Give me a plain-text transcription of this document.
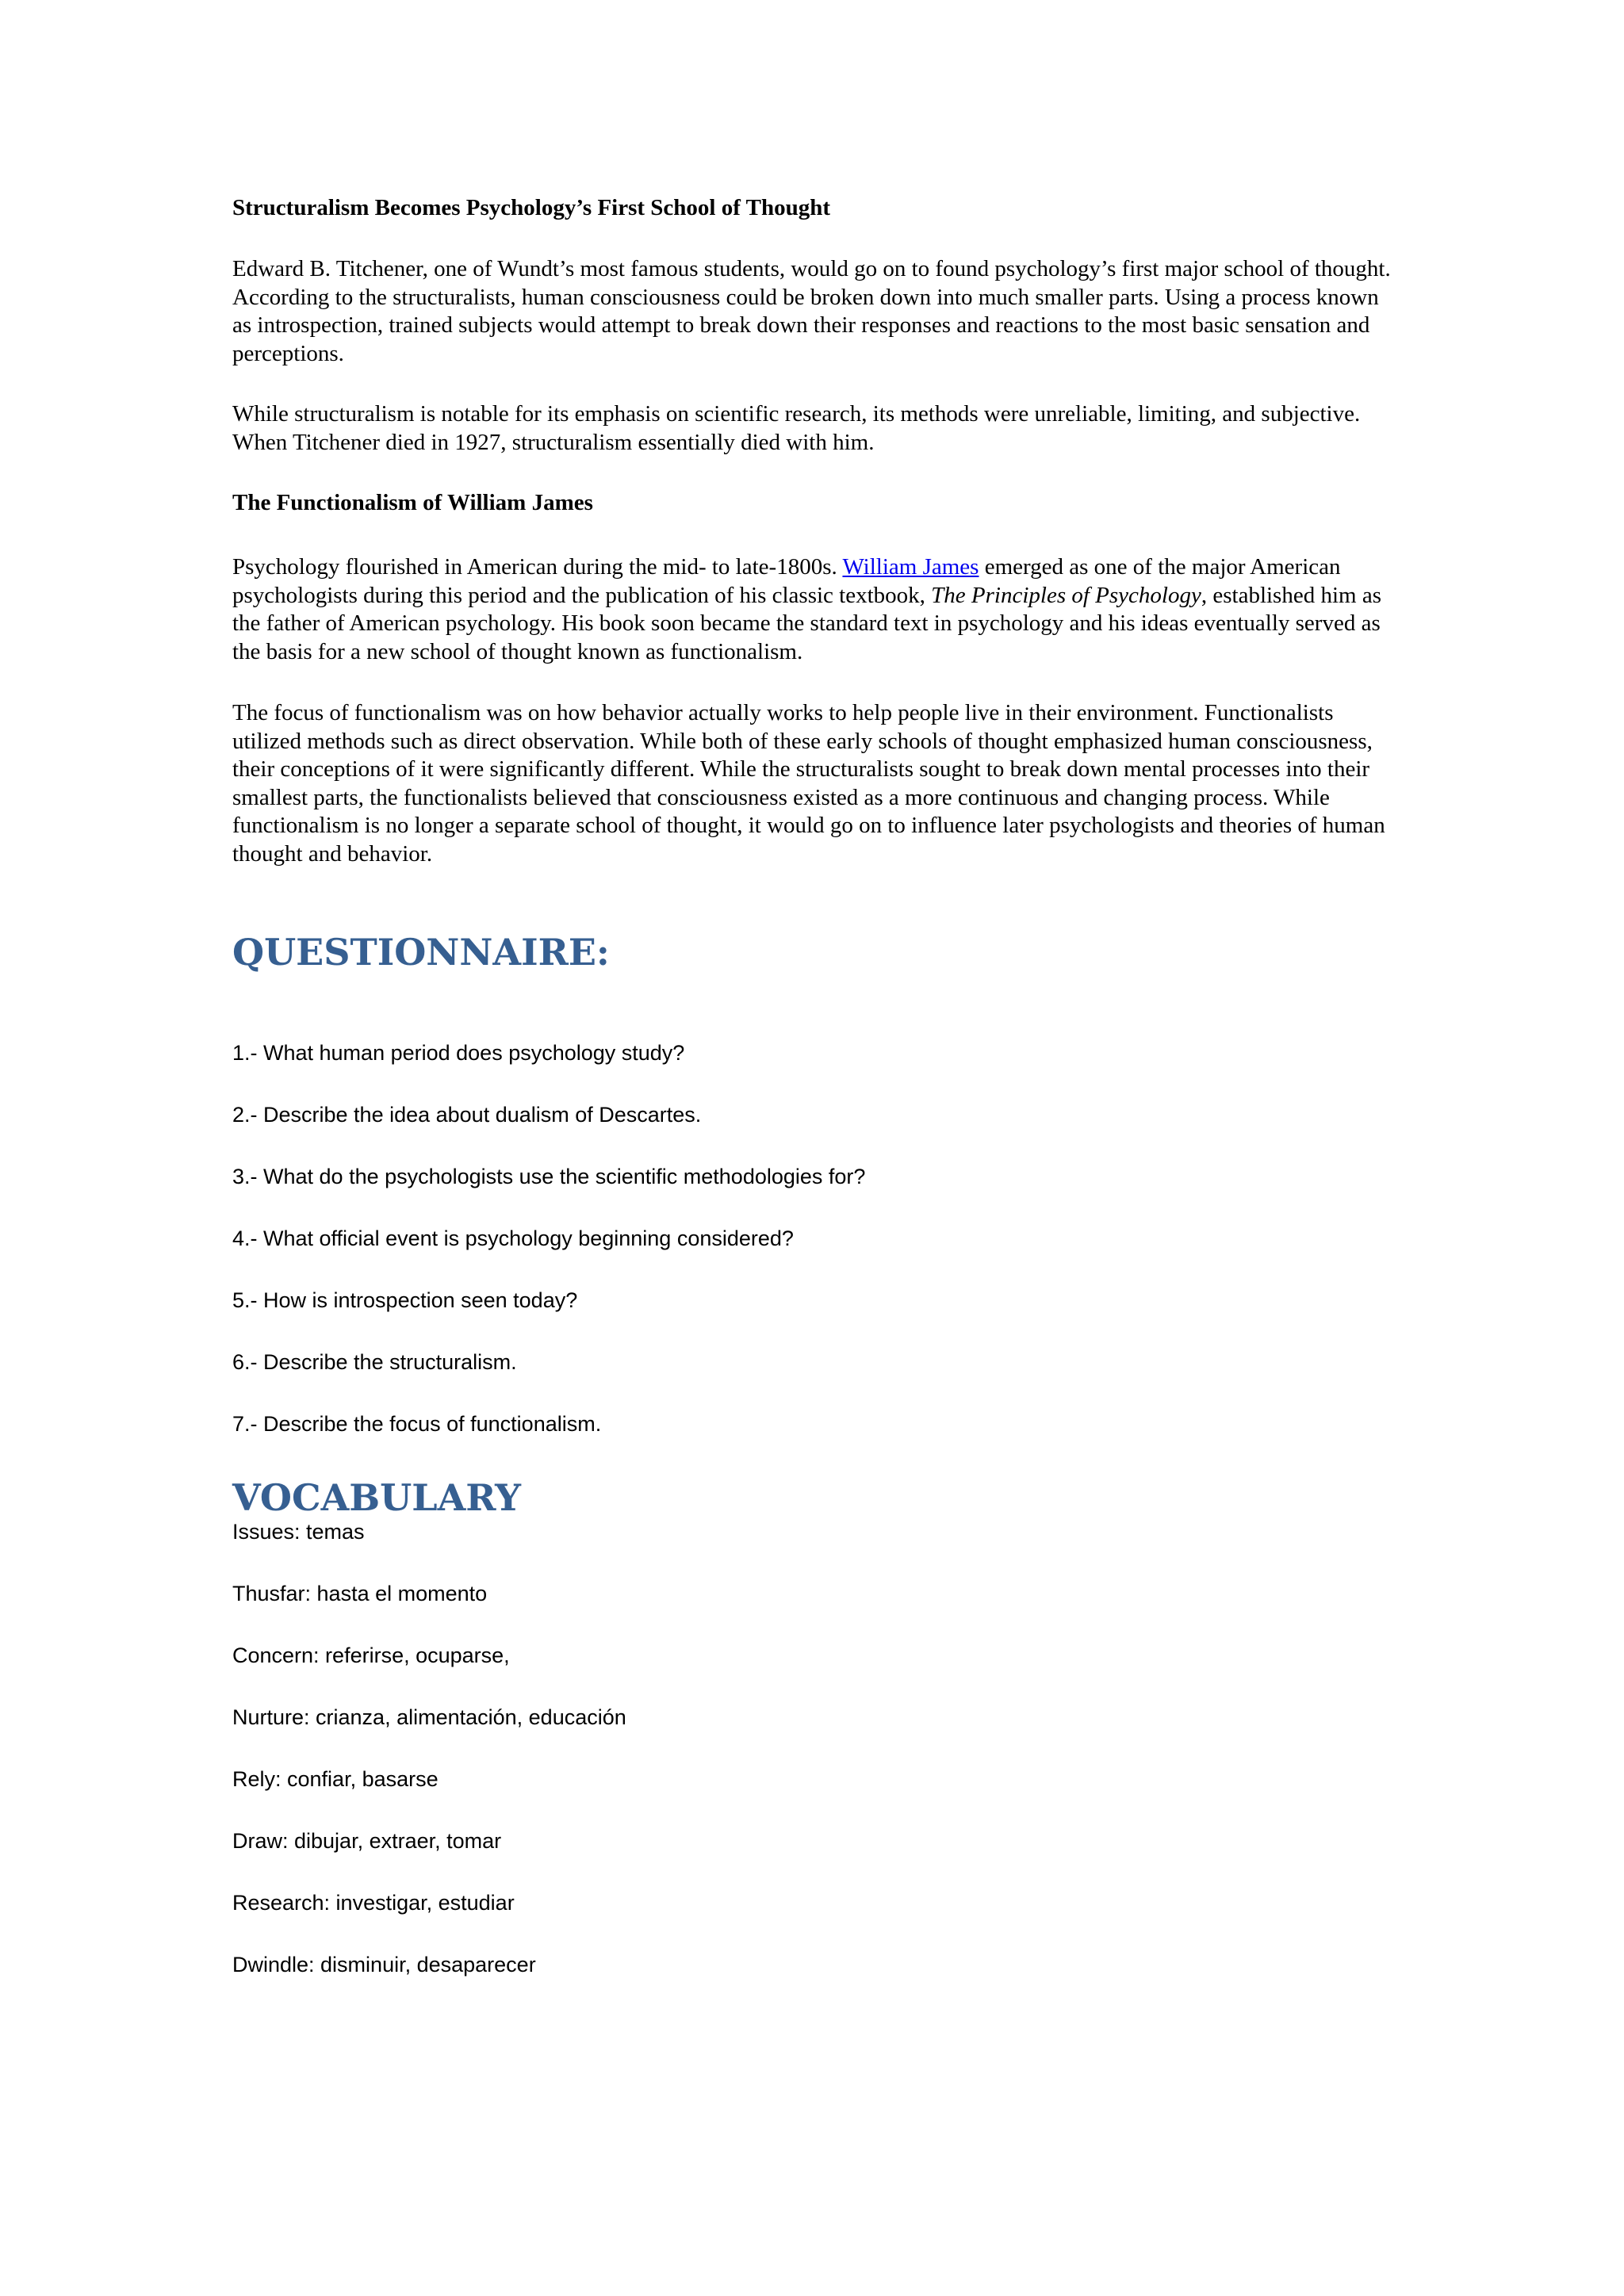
Structuralism Becomes Psychology’s First School of Thought

Edward B. Titchener, one of Wundt’s most famous students, would go on to found psychology’s first major school of thought. According to the structuralists, human consciousness could be broken down into much smaller parts. Using a process known as introspection, trained subjects would attempt to break down their responses and reactions to the most basic sensation and perceptions.

While structuralism is notable for its emphasis on scientific research, its methods were unreliable, limiting, and subjective. When Titchener died in 1927, structuralism essentially died with him.

The Functionalism of William James

Psychology flourished in American during the mid- to late-1800s. William James emerged as one of the major American psychologists during this period and the publication of his classic textbook, The Principles of Psychology, established him as the father of American psychology. His book soon became the standard text in psychology and his ideas eventually served as the basis for a new school of thought known as functionalism.

The focus of functionalism was on how behavior actually works to help people live in their environment. Functionalists utilized methods such as direct observation. While both of these early schools of thought emphasized human consciousness, their conceptions of it were significantly different. While the structuralists sought to break down mental processes into their smallest parts, the functionalists believed that consciousness existed as a more continuous and changing process. While functionalism is no longer a separate school of thought, it would go on to influence later psychologists and theories of human thought and behavior.

QUESTIONNAIRE:

1.- What human period does psychology study?

2.- Describe the idea about dualism of Descartes.

3.- What do the psychologists use the scientific methodologies for?

4.- What official event is psychology beginning considered?

5.- How is introspection seen today?

6.- Describe the structuralism.

7.- Describe the focus of functionalism.

VOCABULARY

Issues: temas

Thusfar: hasta el momento

Concern: referirse, ocuparse,

Nurture: crianza, alimentación, educación

Rely: confiar, basarse

Draw: dibujar, extraer, tomar

Research: investigar, estudiar

Dwindle: disminuir, desaparecer
